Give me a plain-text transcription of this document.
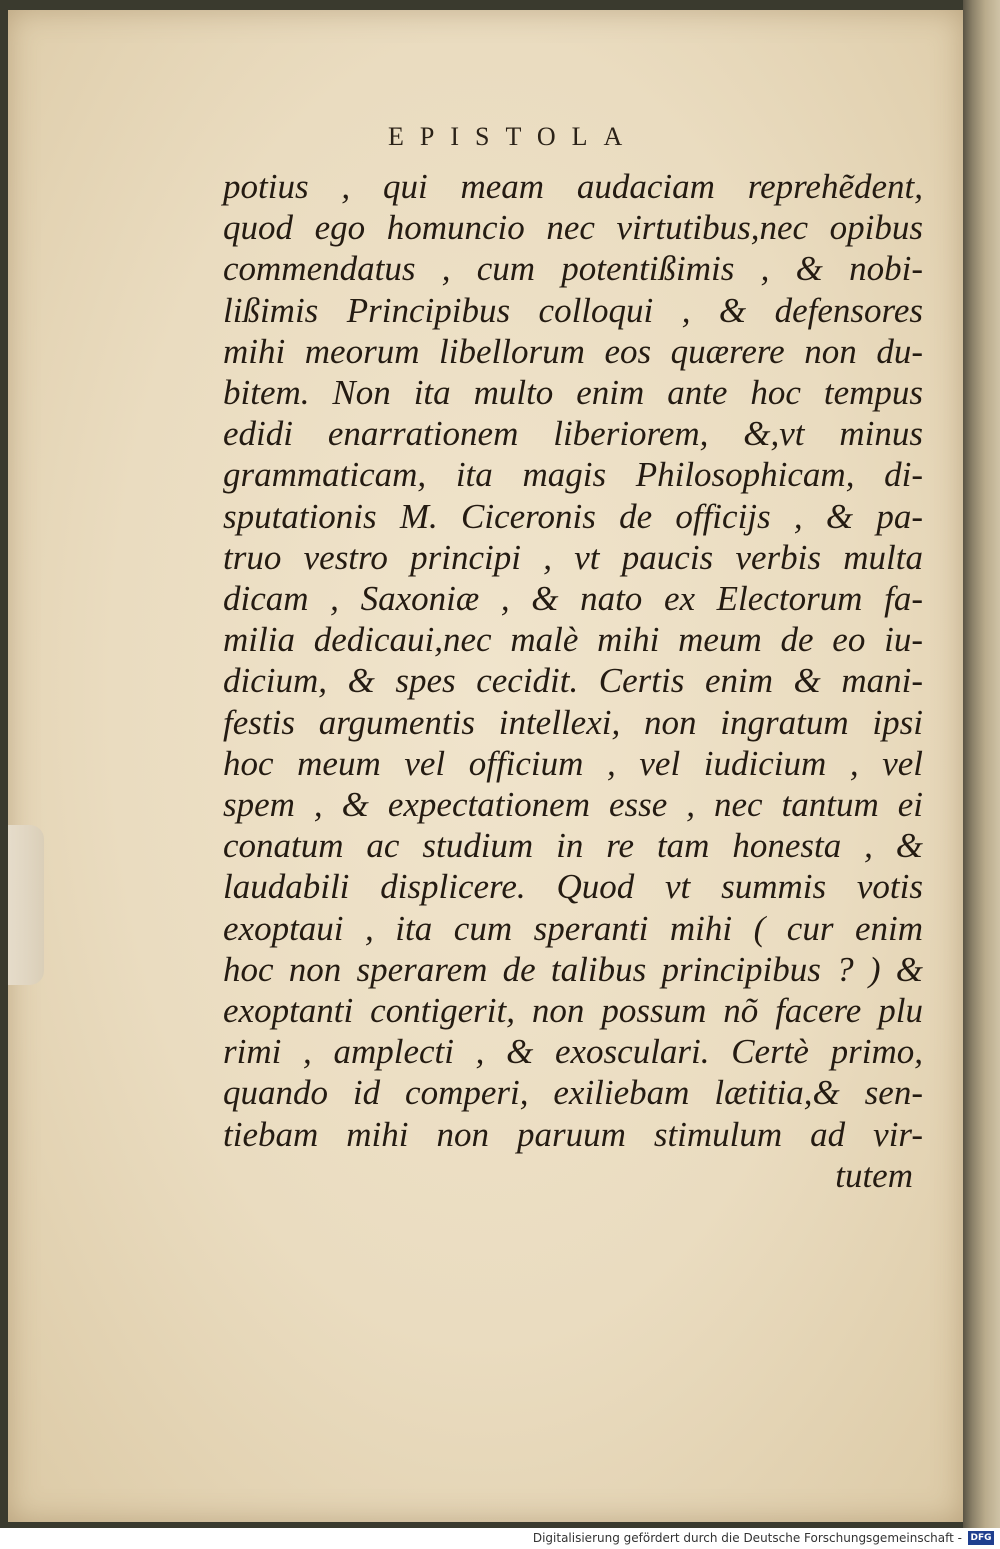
EPISTOLA
potius , qui meam audaciam reprehẽdent,
quod ego homuncio nec virtutibus,nec opibus
commendatus , cum potentißimis , & nobi-
lißimis Principibus colloqui , & defensores
mihi meorum libellorum eos quærere non du-
bitem. Non ita multo enim ante hoc tempus
edidi enarrationem liberiorem, &,vt minus
grammaticam, ita magis Philosophicam, di-
sputationis M. Ciceronis de officijs , & pa-
truo vestro principi , vt paucis verbis multa
dicam , Saxoniæ , & nato ex Electorum fa-
milia dedicaui,nec malè mihi meum de eo iu-
dicium, & spes cecidit. Certis enim & mani-
festis argumentis intellexi, non ingratum ipsi
hoc meum vel officium , vel iudicium , vel
spem , & expectationem esse , nec tantum ei
conatum ac studium in re tam honesta , &
laudabili displicere. Quod vt summis votis
exoptaui , ita cum speranti mihi ( cur enim
hoc non sperarem de talibus principibus ? ) &
exoptanti contigerit, non possum nõ facere plu
rimi , amplecti , & exosculari. Certè primo,
quando id comperi, exiliebam lætitia,& sen-
tiebam mihi non paruum stimulum ad vir-
tutem
Digitalisierung gefördert durch die Deutsche Forschungsgemeinschaft - DFG
